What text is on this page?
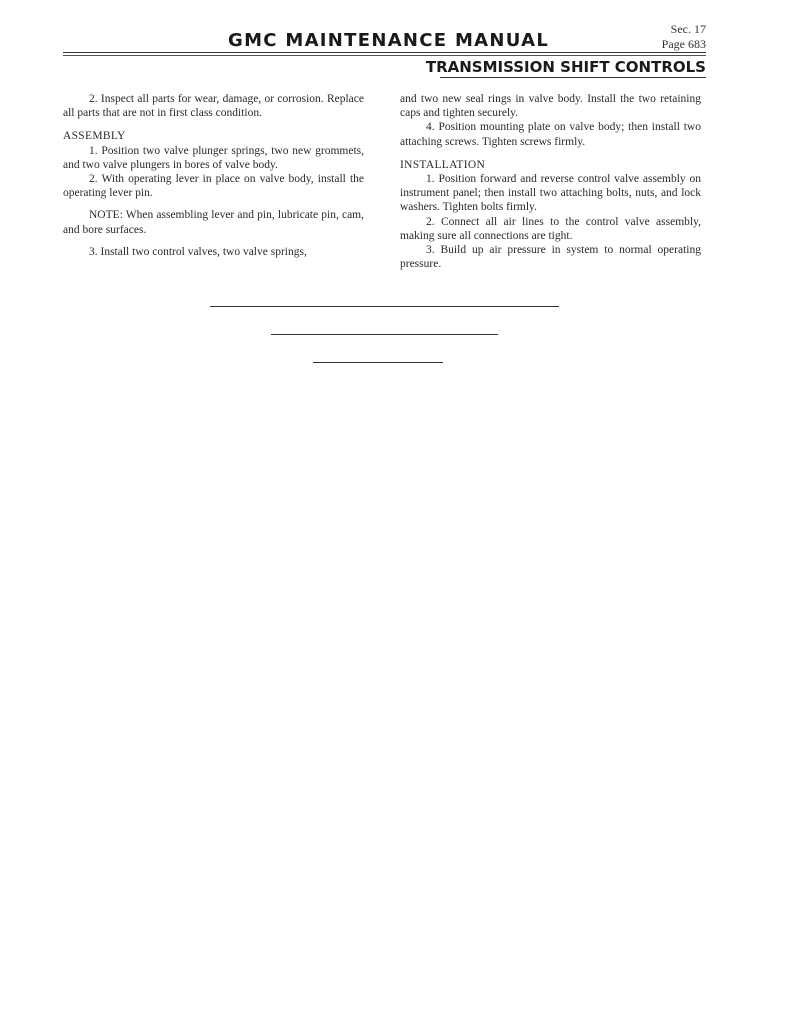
GMC MAINTENANCE MANUAL
Sec. 17
Page 683
TRANSMISSION SHIFT CONTROLS

2. Inspect all parts for wear, damage, or corrosion. Replace all parts that are not in first class condition.

ASSEMBLY

1. Position two valve plunger springs, two new grommets, and two valve plungers in bores of valve body.

2. With operating lever in place on valve body, install the operating lever pin.

NOTE: When assembling lever and pin, lubricate pin, cam, and bore surfaces.

3. Install two control valves, two valve springs,

and two new seal rings in valve body. Install the two retaining caps and tighten securely.

4. Position mounting plate on valve body; then install two attaching screws. Tighten screws firmly.

INSTALLATION

1. Position forward and reverse control valve assembly on instrument panel; then install two attaching bolts, nuts, and lock washers. Tighten bolts firmly.

2. Connect all air lines to the control valve assembly, making sure all connections are tight.

3. Build up air pressure in system to normal operating pressure.
